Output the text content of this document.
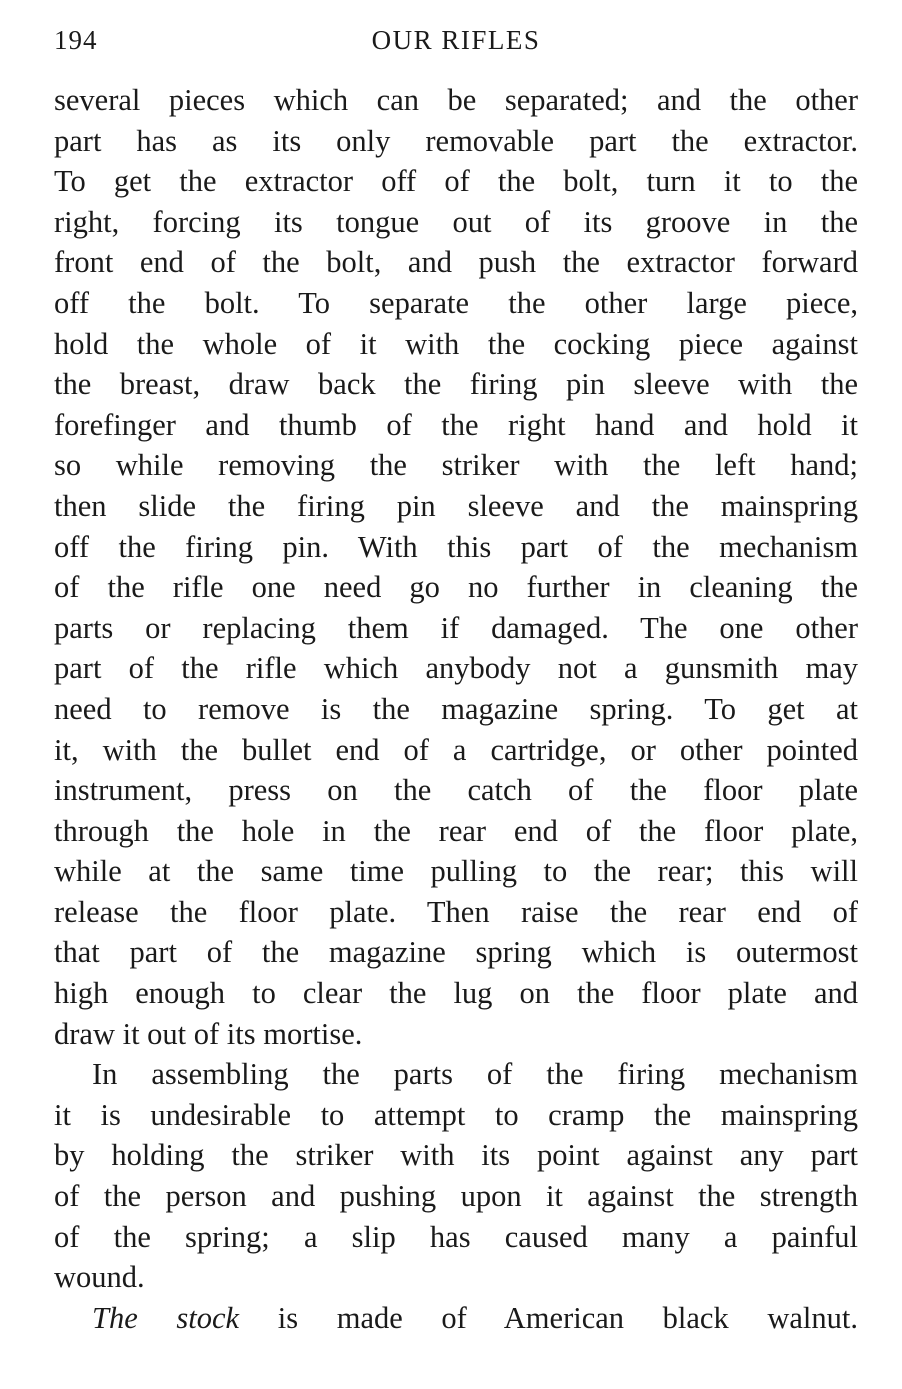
194	OUR RIFLES
several pieces which can be separated; and the other
part has as its only removable part the extractor.
To get the extractor off of the bolt, turn it to the
right, forcing its tongue out of its groove in the
front end of the bolt, and push the extractor forward
off the bolt. To separate the other large piece,
hold the whole of it with the cocking piece against
the breast, draw back the firing pin sleeve with the
forefinger and thumb of the right hand and hold it
so while removing the striker with the left hand;
then slide the firing pin sleeve and the mainspring
off the firing pin. With this part of the mechanism
of the rifle one need go no further in cleaning the
parts or replacing them if damaged. The one other
part of the rifle which anybody not a gunsmith may
need to remove is the magazine spring. To get at
it, with the bullet end of a cartridge, or other pointed
instrument, press on the catch of the floor plate
through the hole in the rear end of the floor plate,
while at the same time pulling to the rear; this will
release the floor plate. Then raise the rear end of
that part of the magazine spring which is outermost
high enough to clear the lug on the floor plate and
draw it out of its mortise.
In assembling the parts of the firing mechanism
it is undesirable to attempt to cramp the mainspring
by holding the striker with its point against any part
of the person and pushing upon it against the strength
of the spring; a slip has caused many a painful
wound.
The stock is made of American black walnut.
